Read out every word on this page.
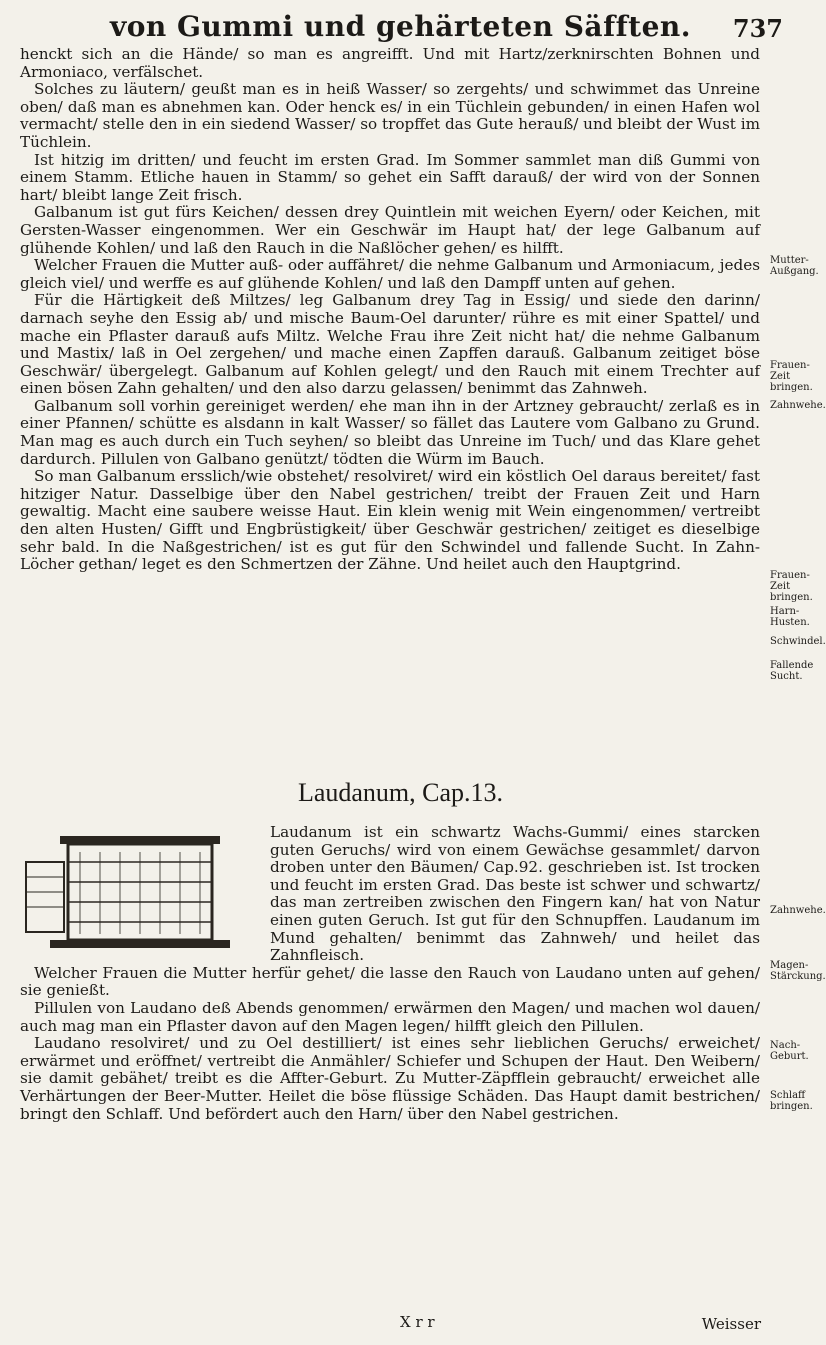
von Gummi und gehärteten Säfften.	737

henckt sich an die Hände/ so man es angreifft. Und mit Hartz/zerknirschten Bohnen und Armoniaco, verfälschet.

Solches zu läutern/ geußt man es in heiß Wasser/ so zergehts/ und schwimmet das Unreine oben/ daß man es abnehmen kan. Oder henck es/ in ein Tüchlein gebunden/ in einen Hafen wol vermacht/ stelle den in ein siedend Wasser/ so tropffet das Gute herauß/ und bleibt der Wust im Tüchlein.

Ist hitzig im dritten/ und feucht im ersten Grad. Im Sommer sammlet man diß Gummi von einem Stamm. Etliche hauen in Stamm/ so gehet ein Safft darauß/ der wird von der Sonnen hart/ bleibt lange Zeit frisch.

Galbanum ist gut fürs Keichen/ dessen drey Quintlein mit weichen Eyern/ oder Keichen, mit Gersten-Wasser eingenommen. Wer ein Geschwär im Haupt hat/ der lege Galbanum auf glühende Kohlen/ und laß den Rauch in die Naßlöcher gehen/ es hilfft.

Welcher Frauen die Mutter auß- oder auffähret/ die nehme Galbanum und Armoniacum, jedes gleich viel/ und werffe es auf glühende Kohlen/ und laß den Dampff unten auf gehen.

Für die Härtigkeit deß Miltzes/ leg Galbanum drey Tag in Essig/ und siede den darinn/ darnach seyhe den Essig ab/ und mische Baum-Oel darunter/ rühre es mit einer Spattel/ und mache ein Pflaster darauß aufs Miltz. Welche Frau ihre Zeit nicht hat/ die nehme Galbanum und Mastix/ laß in Oel zergehen/ und mache einen Zapffen darauß. Galbanum zeitiget böse Geschwär/ übergelegt. Galbanum auf Kohlen gelegt/ und den Rauch mit einem Trechter auf einen bösen Zahn gehalten/ und den also darzu gelassen/ benimmt das Zahnweh.

Galbanum soll vorhin gereiniget werden/ ehe man ihn in der Artzney gebraucht/ zerlaß es in einer Pfannen/ schütte es alsdann in kalt Wasser/ so fället das Lautere vom Galbano zu Grund. Man mag es auch durch ein Tuch seyhen/ so bleibt das Unreine im Tuch/ und das Klare gehet dardurch. Pillulen von Galbano genützt/ tödten die Würm im Bauch.

So man Galbanum ersslich/wie obstehet/ resolviret/ wird ein köstlich Oel daraus bereitet/ fast hitziger Natur. Dasselbige über den Nabel gestrichen/ treibt der Frauen Zeit und Harn gewaltig. Macht eine saubere weisse Haut. Ein klein wenig mit Wein eingenommen/ vertreibt den alten Husten/ Gifft und Engbrüstigkeit/ über Geschwär gestrichen/ zeitiget es dieselbige sehr bald. In die Naßgestrichen/ ist es gut für den Schwindel und fallende Sucht. In Zahn-Löcher gethan/ leget es den Schmertzen der Zähne. Und heilet auch den Hauptgrind.

Laudanum, Cap.13.

Laudanum ist ein schwartz Wachs-Gummi/ eines starcken guten Geruchs/ wird von einem Gewächse gesammlet/ darvon droben unter den Bäumen/ Cap.92. geschrieben ist. Ist trocken und feucht im ersten Grad. Das beste ist schwer und schwartz/ das man zertreiben zwischen den Fingern kan/ hat von Natur einen guten Geruch. Ist gut für den Schnupffen. Laudanum im Mund gehalten/ benimmt das Zahnweh/ und heilet das Zahnfleisch.

Welcher Frauen die Mutter herfür gehet/ die lasse den Rauch von Laudano unten auf gehen/ sie genießt.

Pillulen von Laudano deß Abends genommen/ erwärmen den Magen/ und machen wol dauen/ auch mag man ein Pflaster davon auf den Magen legen/ hilfft gleich den Pillulen.

Laudano resolviret/ und zu Oel destilliert/ ist eines sehr lieblichen Geruchs/ erweichet/ erwärmet und eröffnet/ vertreibt die Anmähler/ Schiefer und Schupen der Haut. Den Weibern/ sie damit gebähet/ treibt es die Affter-Geburt. Zu Mutter-Zäpfflein gebraucht/ erweichet alle Verhärtungen der Beer-Mutter. Heilet die böse flüssige Schäden. Das Haupt damit bestrichen/ bringt den Schlaff. Und befördert auch den Harn/ über den Nabel gestrichen.

Mutter-Außgang.
Frauen-Zeit bringen.
Zahnwehe.
Frauen-Zeit bringen.
Harn-Husten.
Schwindel.
Fallende Sucht.
Zahnwehe.
Magen-Stärckung.
Nach-Geburt.
Schlaff bringen.
X r r	Weisser
